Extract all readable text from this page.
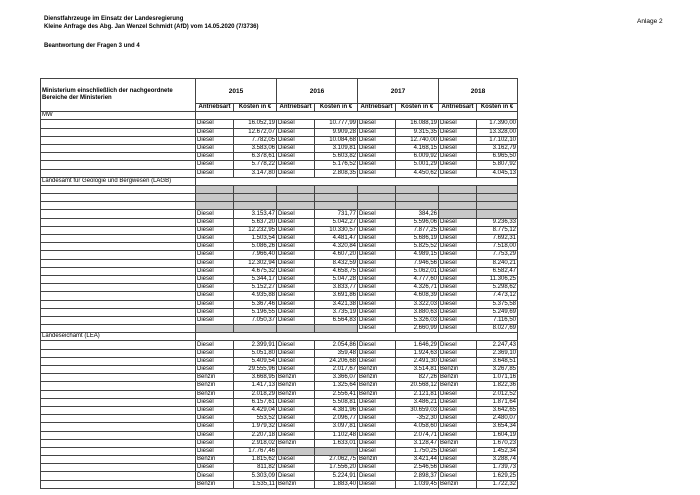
Dienstfahrzeuge im Einsatz der Landesregierung
Kleine Anfrage des Abg. Jan Wenzel Schmidt (AfD) vom 14.05.2020 (7/3736)
Beantwortung der Fragen 3 und 4
Anlage 2
Ministerium einschließlich der nachgeordnete Bereiche der Ministerien	2015		2016		2017		2018	
	Antriebsart	Kosten in €	Antriebsart	Kosten in €	Antriebsart	Kosten in €	Antriebsart	Kosten in €
MW								
	Diesel	16.052,19	Diesel	10.777,99	Diesel	16.088,19	Diesel	17.390,00
	Diesel	12.672,07	Diesel	9.909,28	Diesel	9.315,35	Diesel	13.328,00
	Diesel	7.782,05	Diesel	10.084,68	Diesel	12.740,00	Diesel	17.102,10
	Diesel	3.583,06	Diesel	3.109,81	Diesel	4.168,15	Diesel	3.162,79
	Diesel	6.378,61	Diesel	5.603,82	Diesel	6.009,92	Diesel	6.965,50
	Diesel	5.778,22	Diesel	5.176,52	Diesel	5.001,29	Diesel	5.807,92
	Diesel	3.147,80	Diesel	2.808,35	Diesel	4.450,62	Diesel	4.045,13
Landesamt für Geologie und Bergwesen (LAGB)								

	Diesel	3.153,47	Diesel	731,77	Diesel	384,26		
	Diesel	5.637,20	Diesel	5.042,27	Diesel	5.596,06	Diesel	9.236,33
	Diesel	12.232,95	Diesel	10.330,57	Diesel	7.877,25	Diesel	8.775,12
	Diesel	1.503,54	Diesel	4.481,47	Diesel	5.686,19	Diesel	7.692,31
	Diesel	5.086,26	Diesel	4.320,84	Diesel	5.825,52	Diesel	7.518,00
	Diesel	7.966,40	Diesel	4.607,20	Diesel	4.989,15	Diesel	7.753,29
	Diesel	12.302,94	Diesel	8.432,59	Diesel	7.946,56	Diesel	8.240,21
	Diesel	4.675,32	Diesel	4.658,75	Diesel	5.062,01	Diesel	6.582,47
	Diesel	5.344,17	Diesel	5.047,28	Diesel	4.777,60	Diesel	11.306,25
	Diesel	5.152,27	Diesel	3.833,77	Diesel	4.326,71	Diesel	5.298,62
	Diesel	4.935,88	Diesel	3.691,86	Diesel	4.608,39	Diesel	7.473,12
	Diesel	5.367,46	Diesel	3.421,38	Diesel	3.322,03	Diesel	5.375,58
	Diesel	5.196,55	Diesel	3.735,19	Diesel	3.880,63	Diesel	5.249,69
	Diesel	7.050,37	Diesel	6.564,83	Diesel	5.326,03	Diesel	7.116,50
					Diesel	2.660,99	Diesel	8.027,69
Landeseichamt (LEA)								
	Diesel	2.399,91	Diesel	2.054,86	Diesel	1.646,29	Diesel	2.247,43
	Diesel	5.051,80	Diesel	359,48	Diesel	1.924,63	Diesel	2.369,10
	Diesel	5.409,54	Diesel	24.206,68	Diesel	2.491,30	Diesel	3.648,51
	Diesel	29.555,96	Diesel	2.017,67	Benzin	3.514,81	Benzin	3.267,85
	Benzin	3.668,95	Benzin	3.366,07	Benzin	827,26	Benzin	1.071,16
	Benzin	1.417,13	Benzin	1.325,64	Benzin	20.568,12	Benzin	1.822,36
	Benzin	2.018,29	Benzin	2.556,41	Benzin	2.121,81	Diesel	2.012,52
	Diesel	6.157,61	Diesel	5.508,81	Diesel	3.486,21	Diesel	1.871,64
	Diesel	4.429,04	Diesel	4.381,96	Diesel	30.659,03	Diesel	3.642,65
	Diesel	553,52	Diesel	2.096,77	Diesel	-352,30	Diesel	2.480,07
	Diesel	1.979,32	Diesel	3.097,81	Diesel	4.058,60	Diesel	3.654,34
	Diesel	2.207,18	Diesel	1.102,48	Diesel	2.074,71	Diesel	1.604,19
	Diesel	2.918,02	Benzin	1.633,01	Diesel	3.128,47	Benzin	1.670,23
	Diesel	17.767,46			Diesel	1.750,25	Diesel	1.452,34
	Benzin	1.815,62	Diesel	27.062,75	Benzin	3.421,44	Diesel	3.288,74
	Diesel	811,82	Diesel	17.556,20	Diesel	2.546,56	Diesel	1.739,73
	Diesel	5.303,09	Diesel	5.224,91	Diesel	2.898,37	Diesel	1.629,25
	Benzin	1.535,11	Benzin	1.883,40	Diesel	1.039,45	Benzin	1.722,32
